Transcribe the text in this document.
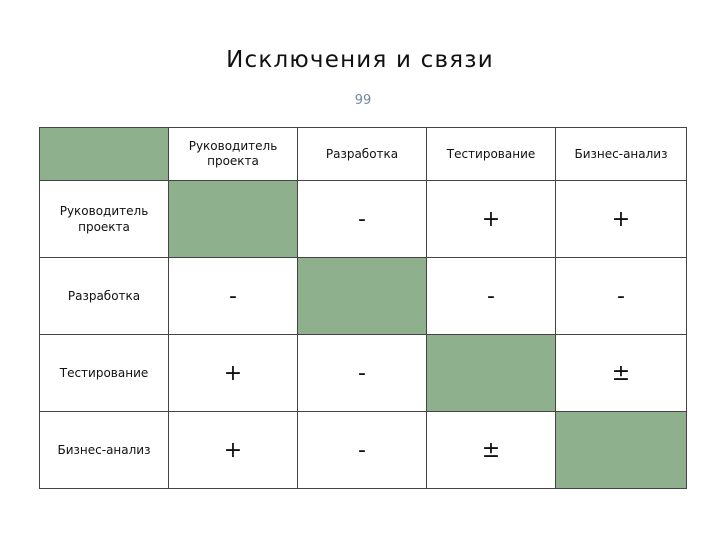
Исключения и связи
99
	Руководитель проекта	Разработка	Тестирование	Бизнес-анализ
Руководитель проекта		-	+	+
Разработка	-		-	-
Тестирование	+	-		±
Бизнес-анализ	+	-	±	
